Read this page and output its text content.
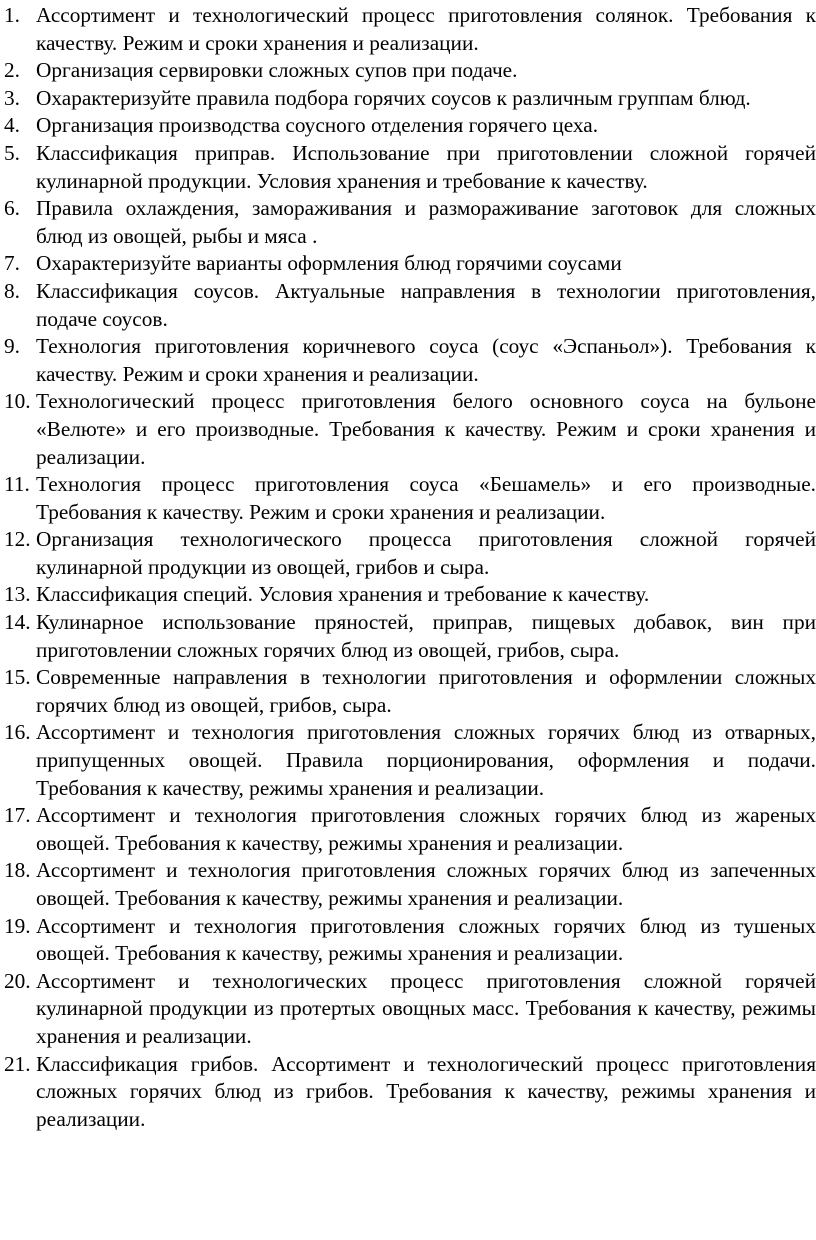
1. Ассортимент и технологический процесс приготовления солянок. Требования к качеству. Режим и сроки хранения и реализации.
2. Организация сервировки сложных супов при подаче.
3. Охарактеризуйте правила подбора горячих соусов к различным группам блюд.
4. Организация производства соусного отделения горячего цеха.
5. Классификация приправ. Использование при приготовлении сложной горячей кулинарной продукции. Условия хранения и требование к качеству.
6. Правила охлаждения, замораживания и размораживание заготовок для сложных блюд из овощей, рыбы и мяса .
7. Охарактеризуйте варианты оформления блюд горячими соусами
8. Классификация соусов. Актуальные направления в технологии приготовления, подаче соусов.
9. Технология приготовления коричневого соуса (соус «Эспаньол»). Требования к качеству. Режим и сроки хранения и реализации.
10. Технологический процесс приготовления белого основного соуса на бульоне «Велюте» и его производные. Требования к качеству. Режим и сроки хранения и реализации.
11. Технология процесс приготовления соуса «Бешамель» и его производные. Требования к качеству. Режим и сроки хранения и реализации.
12. Организация технологического процесса приготовления сложной горячей кулинарной продукции из овощей, грибов и сыра.
13. Классификация специй. Условия хранения и требование к качеству.
14. Кулинарное использование пряностей, приправ, пищевых добавок, вин при приготовлении сложных горячих блюд из овощей, грибов, сыра.
15. Современные направления в технологии приготовления и оформлении сложных горячих блюд из овощей, грибов, сыра.
16. Ассортимент и технология приготовления сложных горячих блюд из отварных, припущенных овощей. Правила порционирования, оформления и подачи. Требования к качеству, режимы хранения и реализации.
17. Ассортимент и технология приготовления сложных горячих блюд из жареных овощей. Требования к качеству, режимы хранения и реализации.
18. Ассортимент и технология приготовления сложных горячих блюд из запеченных овощей. Требования к качеству, режимы хранения и реализации.
19. Ассортимент и технология приготовления сложных горячих блюд из тушеных овощей. Требования к качеству, режимы хранения и реализации.
20. Ассортимент и технологических процесс приготовления сложной горячей кулинарной продукции из протертых овощных масс. Требования к качеству, режимы хранения и реализации.
21. Классификация грибов. Ассортимент и технологический процесс приготовления сложных горячих блюд из грибов. Требования к качеству, режимы хранения и реализации.
